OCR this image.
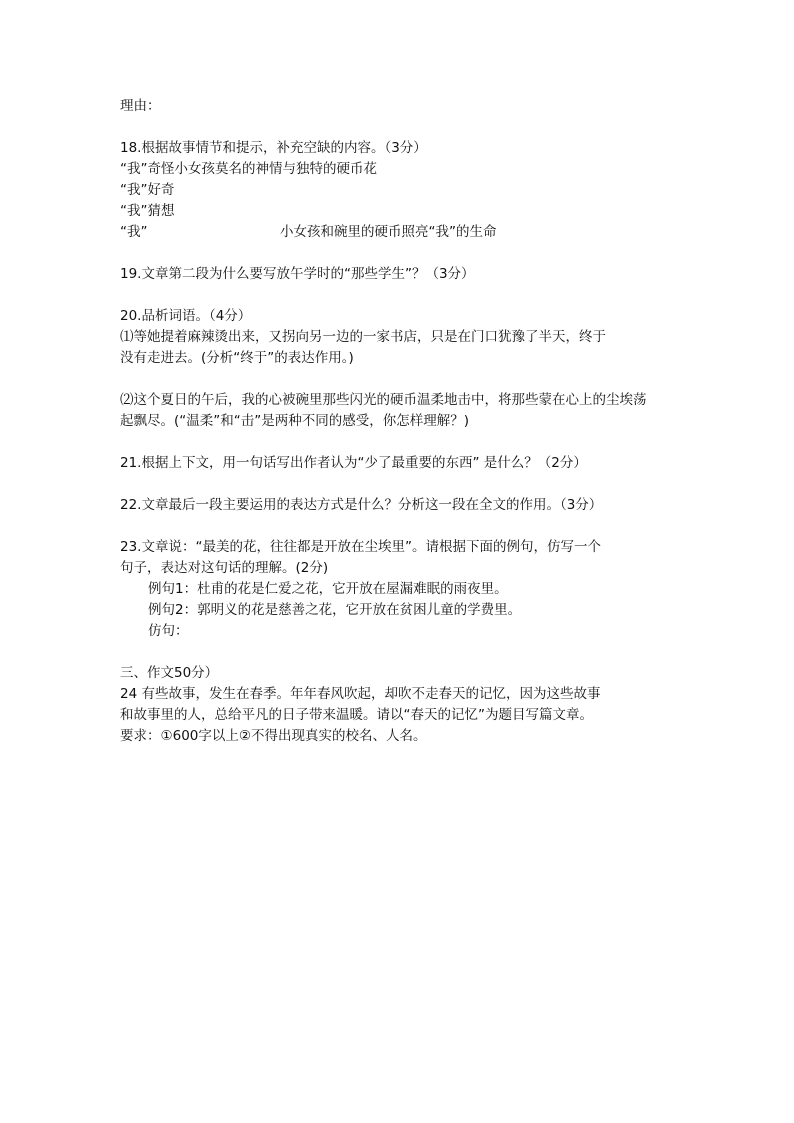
理由：
18.根据故事情节和提示，补充空缺的内容。（3分）
“我”奇怪小女孩莫名的神情与独特的硬币花
“我”好奇
“我”猜想
“我”	小女孩和碗里的硬币照亮“我”的生命
19.文章第二段为什么要写放午学时的“那些学生”？（3分）
20.品析词语。（4分）
⑴等她提着麻辣烫出来，又拐向另一边的一家书店，只是在门口犹豫了半天，终于
没有走进去。(分析“终于”的表达作用。)
⑵这个夏日的午后，我的心被碗里那些闪光的硬币温柔地击中，将那些蒙在心上的尘埃荡
起飘尽。(“温柔”和“击”是两种不同的感受，你怎样理解？)
21.根据上下文，用一句话写出作者认为“少了最重要的东西” 是什么？（2分）
22.文章最后一段主要运用的表达方式是什么？分析这一段在全文的作用。（3分）
23.文章说：“最美的花，往往都是开放在尘埃里”。请根据下面的例句，仿写一个
句子，表达对这句话的理解。(2分)
例句1：杜甫的花是仁爱之花，它开放在屋漏难眠的雨夜里。
例句2：郭明义的花是慈善之花，它开放在贫困儿童的学费里。
仿句：
三、作文50分）
24 有些故事，发生在春季。年年春风吹起，却吹不走春天的记忆，因为这些故事
和故事里的人，总给平凡的日子带来温暖。请以“春天的记忆”为题目写篇文章。
要求：①600字以上②不得出现真实的校名、人名。
